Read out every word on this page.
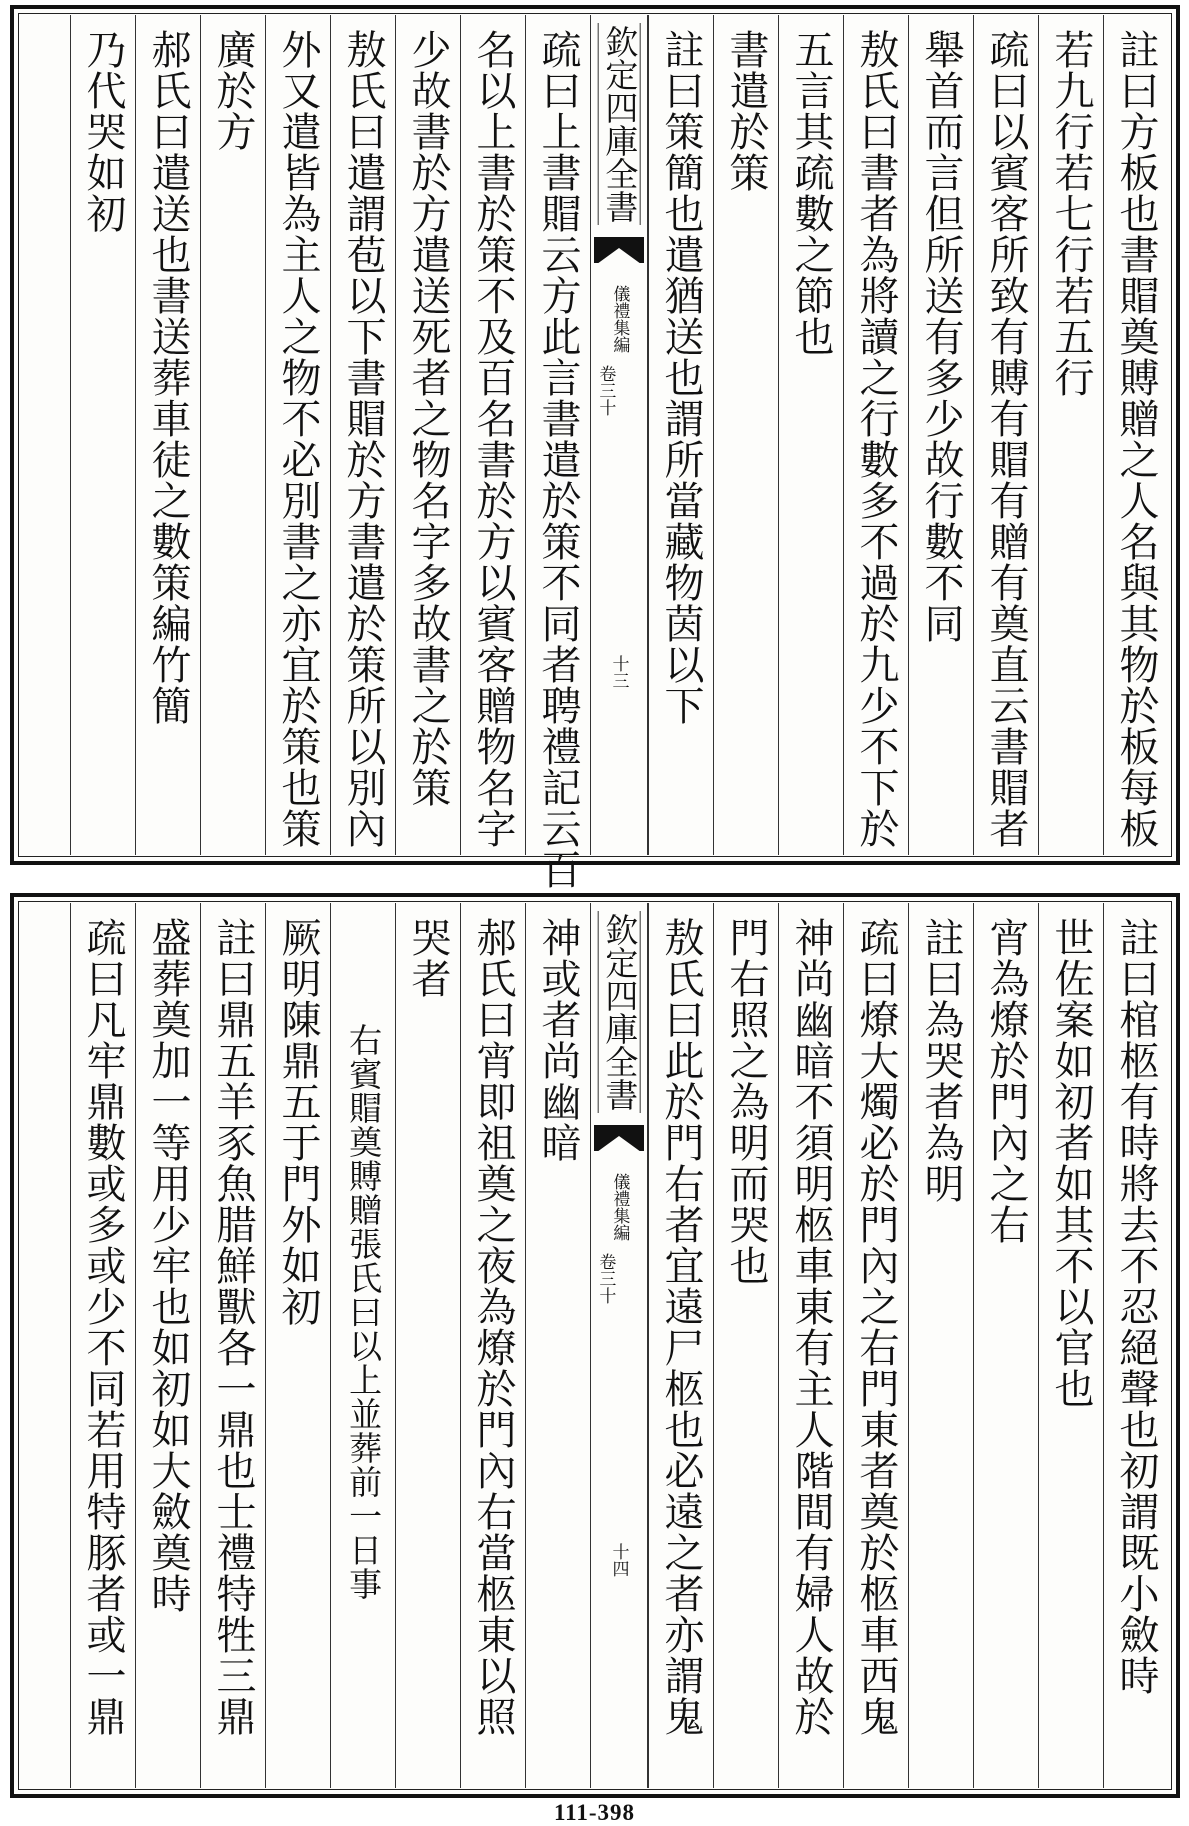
註曰方板也書賵奠賻贈之人名與其物於板每板
若九行若七行若五行
疏曰以賓客所致有賻有賵有贈有奠直云書賵者
舉首而言但所送有多少故行數不同
敖氏曰書者為將讀之行數多不過於九少不下於
五言其疏數之節也
書遣於策
註曰策簡也遣猶送也謂所當藏物茵以下
欽定四庫全書
儀禮集編
卷三十
十三
疏曰上書賵云方此言書遣於策不同者聘禮記云百
名以上書於策不及百名書於方以賓客贈物名字
少故書於方遣送死者之物名字多故書之於策
敖氏曰遣謂苞以下書賵於方書遣於策所以別內
外又遣皆為主人之物不必別書之亦宜於策也策
廣於方
郝氏曰遣送也書送葬車徒之數策編竹簡
乃代哭如初
註曰棺柩有時將去不忍絕聲也初謂既小斂時
世佐案如初者如其不以官也
宵為燎於門內之右
註曰為哭者為明
疏曰燎大燭必於門內之右門東者奠於柩車西鬼
神尚幽暗不須明柩車東有主人階間有婦人故於
門右照之為明而哭也
敖氏曰此於門右者宜遠尸柩也必遠之者亦謂鬼
欽定四庫全書
儀禮集編
卷三十
十四
神或者尚幽暗
郝氏曰宵即祖奠之夜為燎於門內右當柩東以照
哭者
右賓賵奠賻贈張氏曰以上並葬前一日事
厥明陳鼎五于門外如初
註曰鼎五羊豕魚腊鮮獸各一鼎也士禮特牲三鼎
盛葬奠加一等用少牢也如初如大斂奠時
疏曰凡牢鼎數或多或少不同若用特豚者或一鼎
111-398
